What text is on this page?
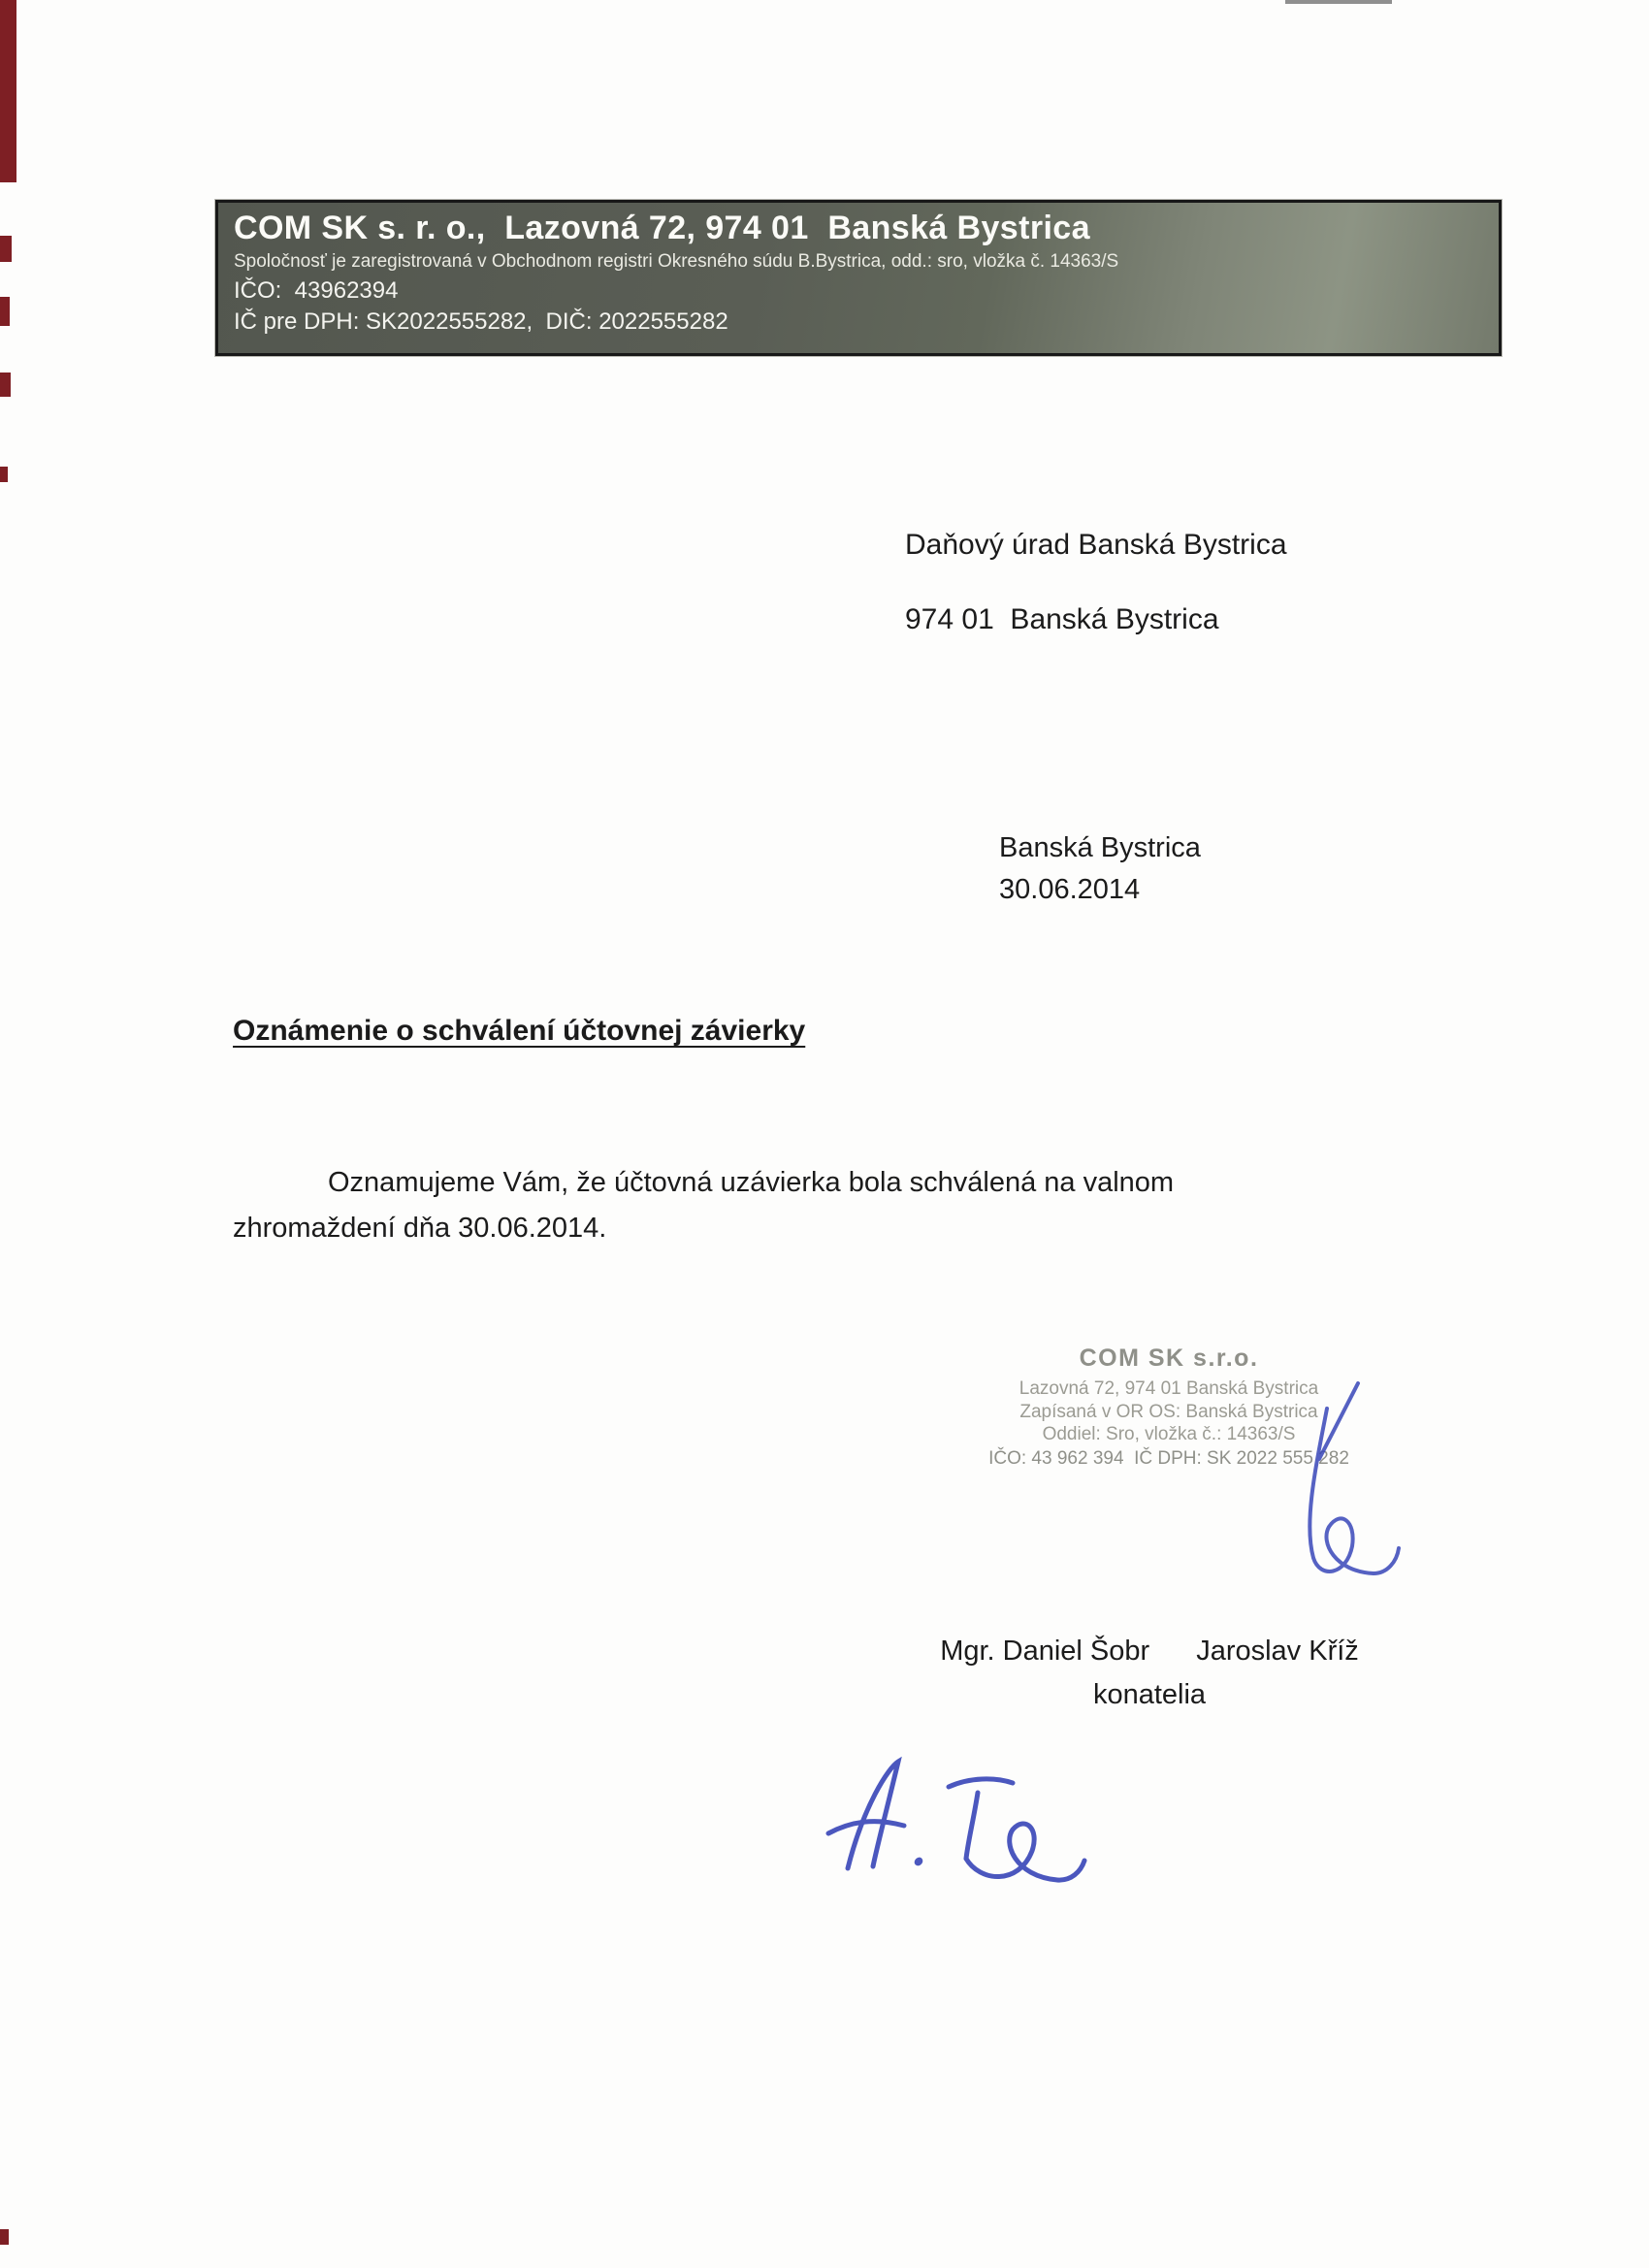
COM SK s. r. o.,  Lazovná 72, 974 01  Banská Bystrica
Spoločnosť je zaregistrovaná v Obchodnom registri Okresného súdu B.Bystrica, odd.: sro, vložka č. 14363/S
IČO:  43962394
IČ pre DPH: SK2022555282,  DIČ: 2022555282
Daňový úrad Banská Bystrica
974 01  Banská Bystrica
Banská Bystrica
30.06.2014
Oznámenie o schválení účtovnej závierky
Oznamujeme Vám, že účtovná uzávierka bola schválená na valnom
zhromaždení dňa 30.06.2014.
COM SK s.r.o.
Lazovná 72, 974 01 Banská Bystrica
Zapísaná v OR OS: Banská Bystrica
Oddiel: Sro, vložka č.: 14363/S
IČO: 43 962 394  IČ DPH: SK 2022 555 282
Mgr. Daniel Šobr Jaroslav Kříž
konatelia
